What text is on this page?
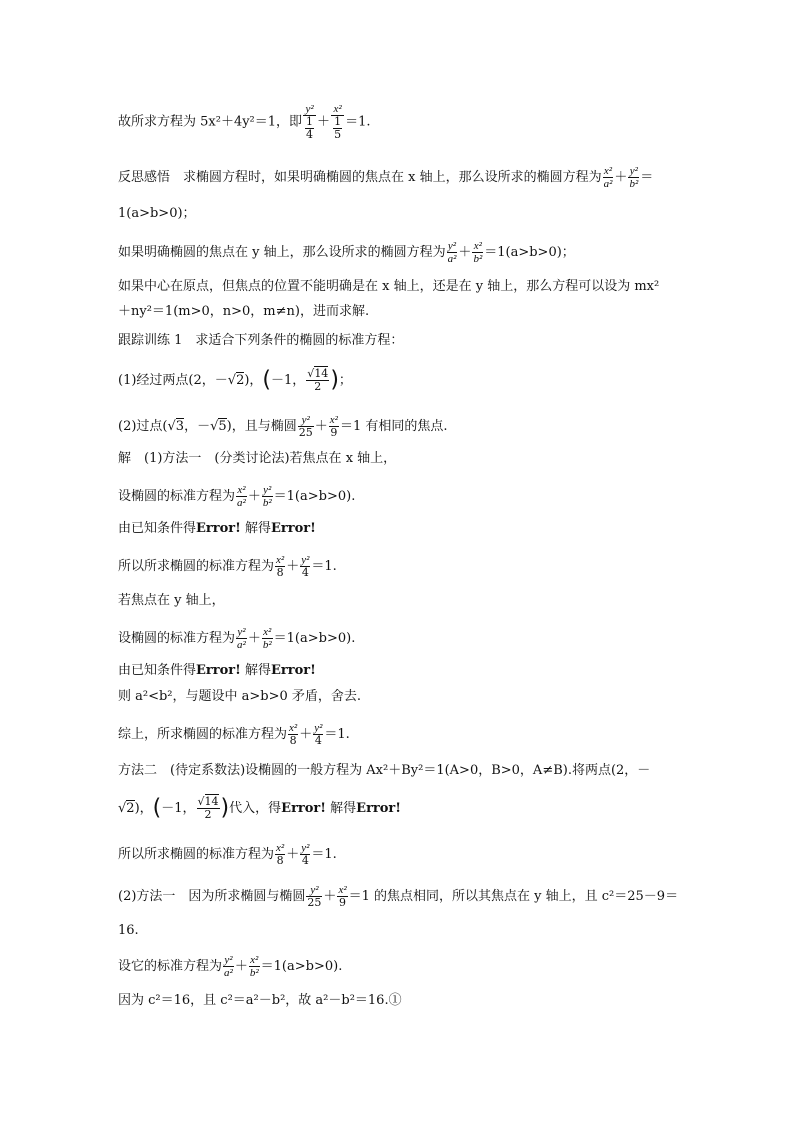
故所求方程为 5x²＋4y²＝1，即 $\frac{\text{y²}}{\frac{1}{4}} + \frac{\text{x²}}{\frac{1}{5}} =1$.
反思感悟　求椭圆方程时，如果明确椭圆的焦点在 x 轴上，那么设所求的椭圆方程为 $\frac{\text{x²}}{\text{a²}} + \frac{\text{y²}}{\text{b²}}$ ＝
1(a>b>0)；
如果明确椭圆的焦点在 y 轴上，那么设所求的椭圆方程为 $\frac{\text{y²}}{\text{a²}} + \frac{\text{x²}}{\text{b²}} =1(a>b>0)$；
如果中心在原点，但焦点的位置不能明确是在 x 轴上，还是在 y 轴上，那么方程可以设为 mx²
＋ny²＝1(m>0，n>0，m≠n)，进而求解.
跟踪训练 1　求适合下列条件的椭圆的标准方程：
(1)经过两点(2，－√2)，(－1， $\frac{√14}{2}$ )；
(2)过点(√3，－√5)，且与椭圆 $\frac{\text{y²}}{25} + \frac{\text{x²}}{9} =1$ 有相同的焦点.
解　(1)方法一　(分类讨论法)若焦点在 x 轴上，
设椭圆的标准方程为 $\frac{\text{x²}}{\text{a²}} + \frac{\text{y²}}{\text{b²}} =1(a>b>0)$.
由已知条件得Error! 解得Error!
所以所求椭圆的标准方程为 $\frac{\text{x²}}{8} + \frac{\text{y²}}{4} =1$.
若焦点在 y 轴上，
设椭圆的标准方程为 $\frac{\text{y²}}{\text{a²}} + \frac{\text{x²}}{\text{b²}} =1(a>b>0)$.
由已知条件得Error! 解得Error!
则 a²<b²，与题设中 a>b>0 矛盾，舍去.
综上，所求椭圆的标准方程为 $\frac{\text{x²}}{8} + \frac{\text{y²}}{4} =1$.
方法二　(待定系数法)设椭圆的一般方程为 Ax²＋By²＝1(A>0，B>0，A≠B).将两点(2，－
√2)，(－1， $\frac{√14}{2}$ )代入，得Error! 解得Error!
所以所求椭圆的标准方程为 $\frac{\text{x²}}{8} + \frac{\text{y²}}{4} =1$.
(2)方法一　因为所求椭圆与椭圆 $\frac{\text{y²}}{25} + \frac{\text{x²}}{9} =1$ 的焦点相同，所以其焦点在 y 轴上，且 c²＝25－9＝
16.
设它的标准方程为 $\frac{\text{y²}}{\text{a²}} + \frac{\text{x²}}{\text{b²}} =1(a>b>0)$.
因为 c²＝16，且 c²＝a²－b²，故 a²－b²＝16.①
